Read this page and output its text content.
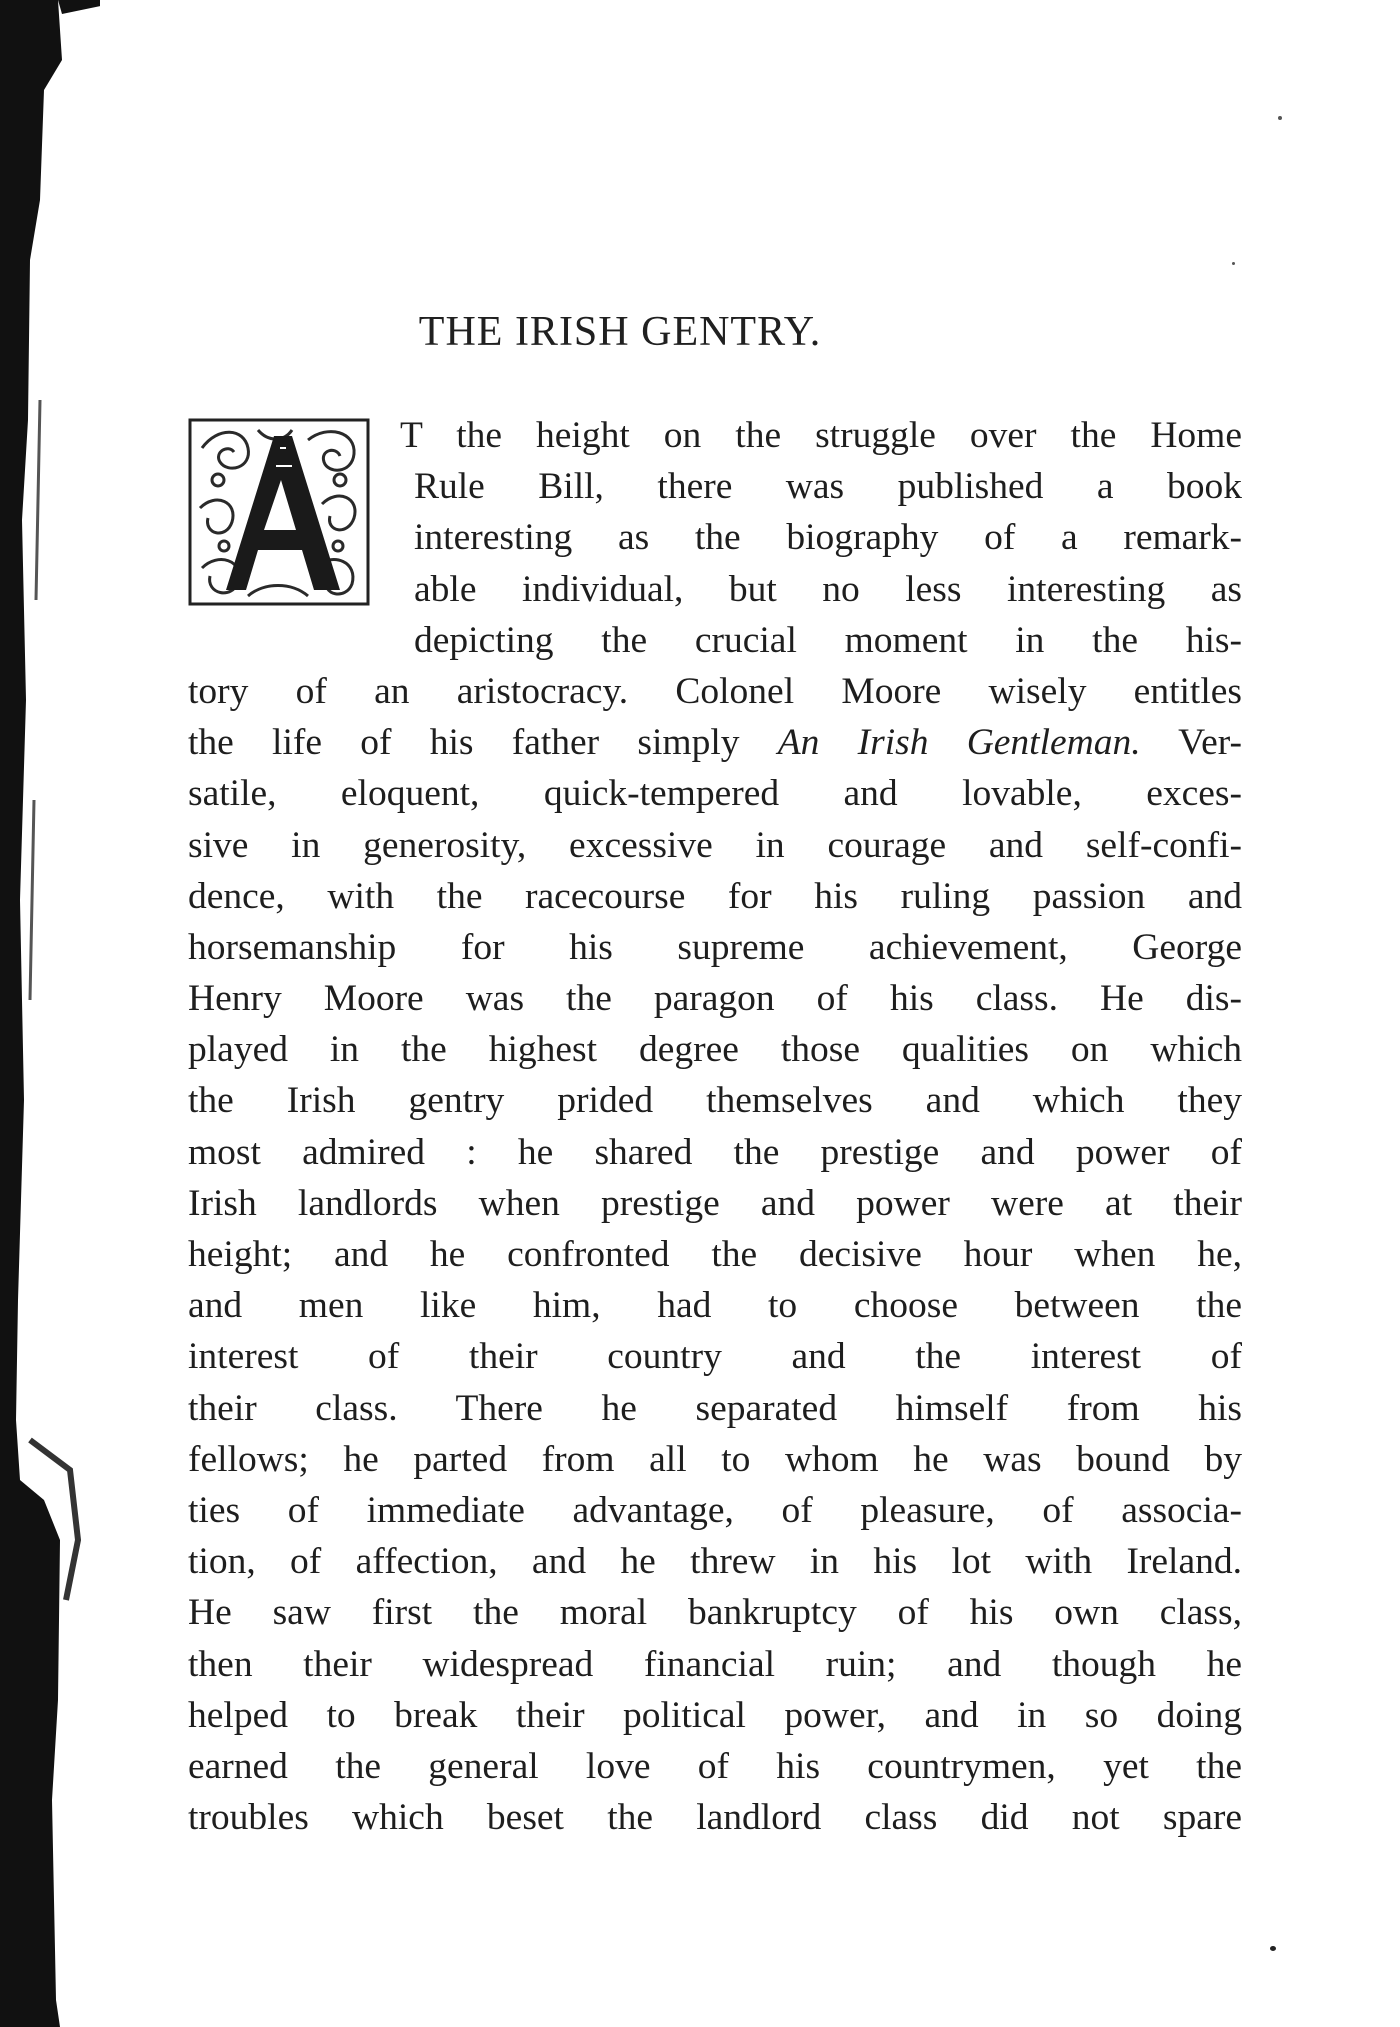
THE IRISH GENTRY.
T the height on the struggle over the Home
Rule Bill, there was published a book
interesting as the biography of a remark-
able individual, but no less interesting as
depicting the crucial moment in the his-
tory of an aristocracy. Colonel Moore wisely entitles
the life of his father simply An Irish Gentleman. Ver-
satile, eloquent, quick-tempered and lovable, exces-
sive in generosity, excessive in courage and self-confi-
dence, with the racecourse for his ruling passion and
horsemanship for his supreme achievement, George
Henry Moore was the paragon of his class. He dis-
played in the highest degree those qualities on which
the Irish gentry prided themselves and which they
most admired : he shared the prestige and power of
Irish landlords when prestige and power were at their
height; and he confronted the decisive hour when he,
and men like him, had to choose between the
interest of their country and the interest of
their class. There he separated himself from his
fellows; he parted from all to whom he was bound by
ties of immediate advantage, of pleasure, of associa-
tion, of affection, and he threw in his lot with Ireland.
He saw first the moral bankruptcy of his own class,
then their widespread financial ruin; and though he
helped to break their political power, and in so doing
earned the general love of his countrymen, yet the
troubles which beset the landlord class did not spare
